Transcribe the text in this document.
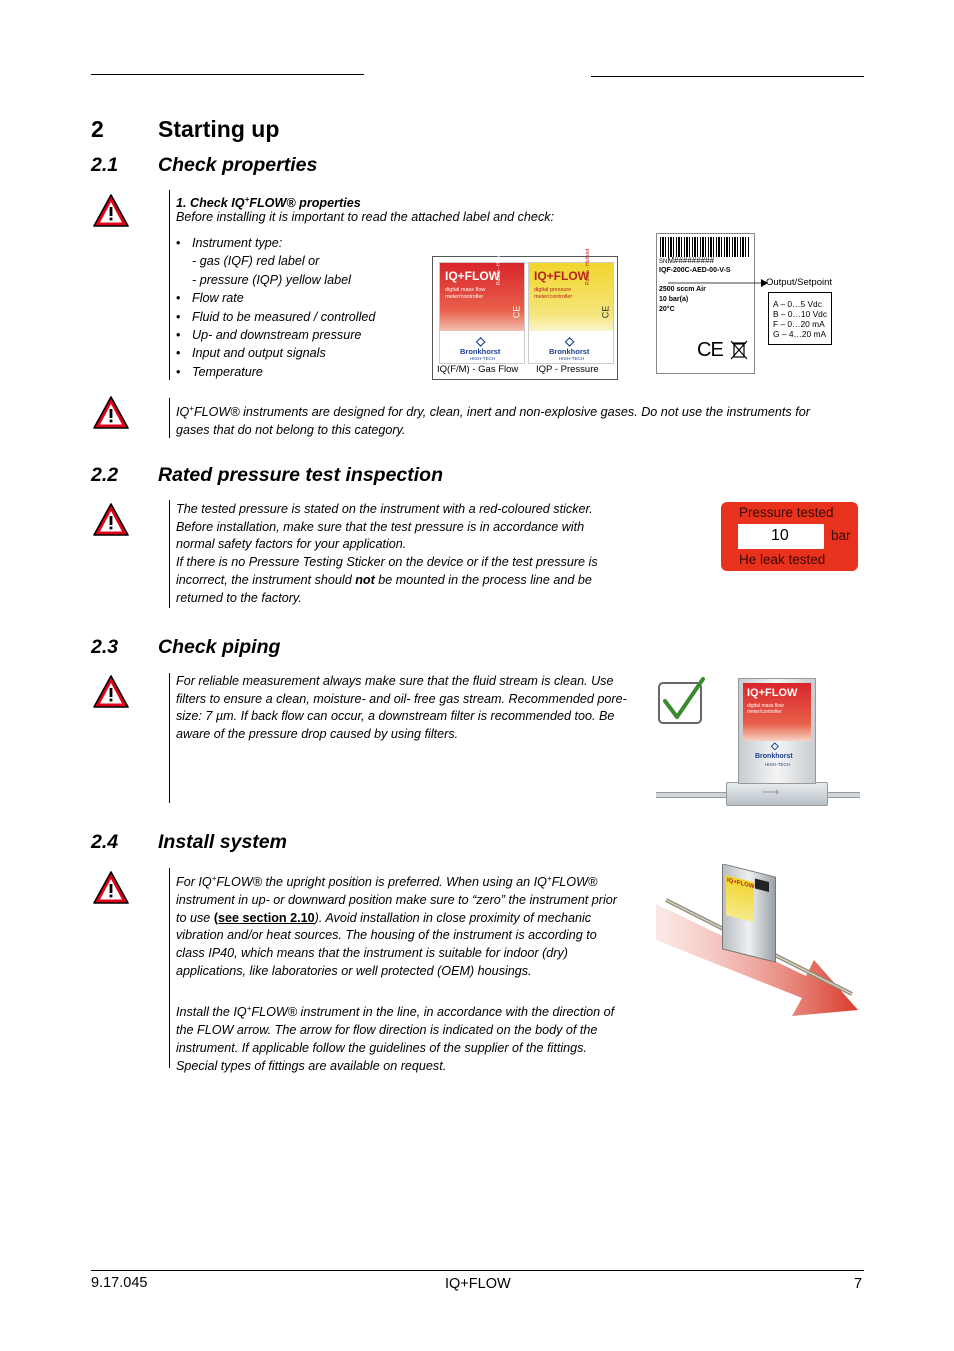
2 Starting up
2.1 Check properties
1. Check IQ+FLOW® properties
Before installing it is important to read the attached label and check:
• Instrument type:
- gas (IQF) red label or
- pressure (IQP) yellow label
• Flow rate
• Fluid to be measured / controlled
• Up- and downstream pressure
• Input and output signals
• Temperature
IQ+FLOW
digital mass flow
meter/controller
Ruurlo - Holland
CE
◇
Bronkhorst
HIGH-TECH
IQ+FLOW
digital pressure
meter/controller
Ruurlo - Holland
CE
◇
Bronkhorst
HIGH-TECH
IQ(F/M) - Gas Flow IQP - Pressure
SNM#########
IQF-200C-AED-00-V-S
2500 sccm Air
10 bar(a)
20°C
CE
Output/Setpoint
A – 0…5 Vdc
B – 0…10 Vdc
F – 0…20 mA
G – 4…20 mA
IQ+FLOW® instruments are designed for dry, clean, inert and non-explosive gases. Do not use the instruments for gases that do not belong to this category.
2.2 Rated pressure test inspection

The tested pressure is stated on the instrument with a red-coloured sticker. Before installation, make sure that the test pressure is in accordance with normal safety factors for your application.

If there is no Pressure Testing Sticker on the device or if the test pressure is incorrect, the instrument should not be mounted in the process line and be returned to the factory.

Pressure tested
10	bar
He leak tested
2.3 Check piping
For reliable measurement always make sure that the fluid stream is clean. Use filters to ensure a clean, moisture- and oil- free gas stream. Recommended pore-size: 7 µm. If back flow can occur, a downstream filter is recommended too. Be aware of the pressure drop caused by using filters.
⟶
IQ+FLOW
digital mass flow
meter/controller
◇
Bronkhorst
HIGH-TECH
2.4 Install system

For IQ+FLOW® the upright position is preferred. When using an IQ+FLOW® instrument in up- or downward position make sure to “zero” the instrument prior to use (see section 2.10). Avoid installation in close proximity of mechanic vibration and/or heat sources. The housing of the instrument is according to class IP40, which means that the instrument is suitable for indoor (dry) applications, like laboratories or well protected (OEM) housings.

Install the IQ+FLOW® instrument in the line, in accordance with the direction of the FLOW arrow. The arrow for flow direction is indicated on the body of the instrument. If applicable follow the guidelines of the supplier of the fittings. Special types of fittings are available on request.

IQ+FLOW
9.17.045	IQ+FLOW	7
